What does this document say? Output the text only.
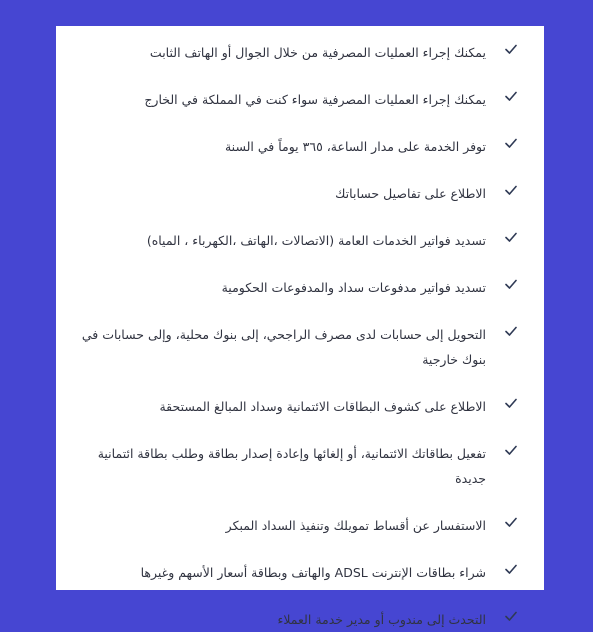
يمكنك إجراء العمليات المصرفية من خلال الجوال أو الهاتف الثابت
يمكنك إجراء العمليات المصرفية سواء كنت في المملكة في الخارج
توفر الخدمة على مدار الساعة، ٣٦٥ يوماً في السنة
الاطلاع على تفاصيل حساباتك
تسديد فواتير الخدمات العامة (الاتصالات ،الهاتف ،الكهرباء ، المياه)
تسديد فواتير مدفوعات سداد والمدفوعات الحكومية
التحويل إلى حسابات لدى مصرف الراجحي، إلى بنوك محلية، وإلى حسابات في بنوك خارجية
الاطلاع على كشوف البطاقات الائتمانية وسداد المبالغ المستحقة
تفعيل بطاقاتك الائتمانية، أو إلغائها وإعادة إصدار بطاقة وطلب بطاقة ائتمانية جديدة
الاستفسار عن أقساط تمويلك وتنفيذ السداد المبكر
شراء بطاقات الإنترنت ADSL والهاتف وبطاقة أسعار الأسهم وغيرها
التحدث إلى مندوب أو مدير خدمة العملاء
